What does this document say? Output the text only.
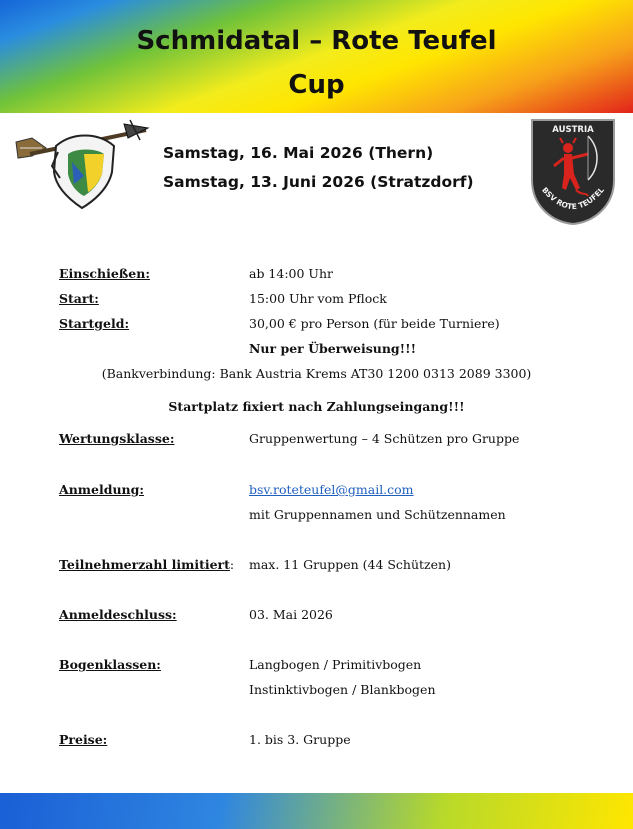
Schmidatal – Rote Teufel
Cup
Samstag, 16. Mai 2026 (Thern)
Samstag, 13. Juni 2026 (Stratzdorf)
AUSTRIA
BSV ROTE TEUFEL
Einschießen:	ab 14:00 Uhr
Start:	15:00 Uhr vom Pflock
Startgeld:	30,00 € pro Person (für beide Turniere)
Nur per Überweisung!!!
(Bankverbindung: Bank Austria Krems AT30 1200 0313 2089 3300)
Startplatz fixiert nach Zahlungseingang!!!
Wertungsklasse:	Gruppenwertung – 4 Schützen pro Gruppe
Anmeldung:	bsv.roteteufel@gmail.com
mit Gruppennamen und Schützennamen
Teilnehmerzahl limitiert: max. 11 Gruppen (44 Schützen)
Anmeldeschluss:	03. Mai 2026
Bogenklassen:	Langbogen / Primitivbogen
Instinktivbogen / Blankbogen
Preise:	1. bis 3. Gruppe
